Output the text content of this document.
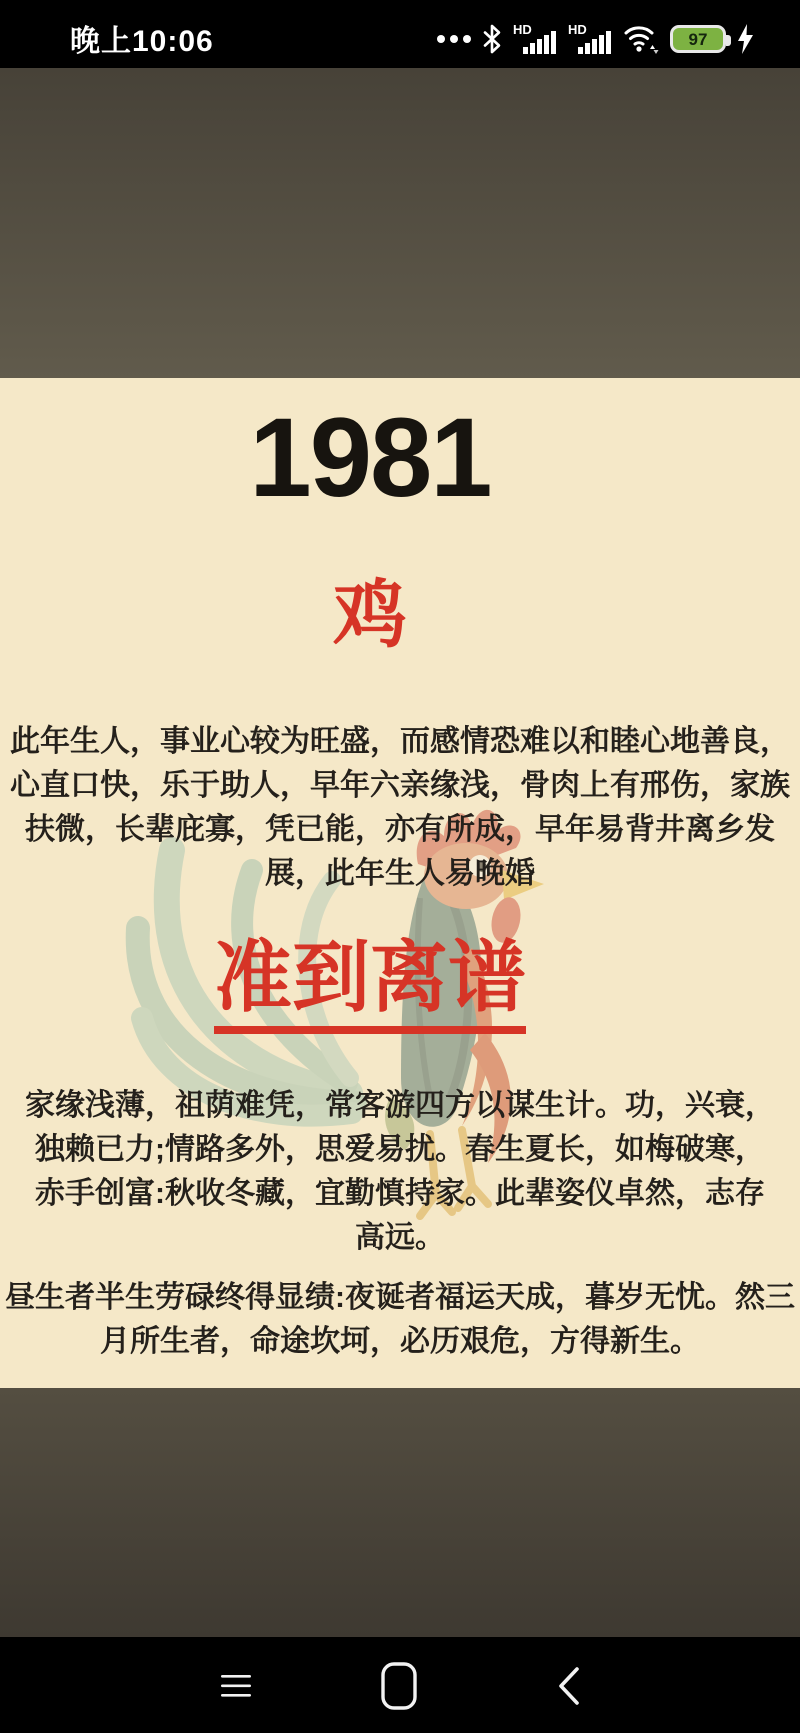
晚上10:06	HD	HD	97
1981
鸡
此年生人，事业心较为旺盛，而感情恐难以和睦心地善良，
心直口快，乐于助人，早年六亲缘浅，骨肉上有邢伤，家族
扶微，长辈庇寡，凭已能，亦有所成，早年易背井离乡发
展，此年生人易晚婚
准到离谱
家缘浅薄，祖荫难凭，常客游四方以谋生计。功，兴衰，
独赖已力;情路多外，思爱易扰。春生夏长，如梅破寒，
赤手创富:秋收冬藏，宜勤慎持家。此辈姿仪卓然，志存
高远。
昼生者半生劳碌终得显绩:夜诞者福运天成，暮岁无忧。然三
月所生者，命途坎坷，必历艰危，方得新生。
